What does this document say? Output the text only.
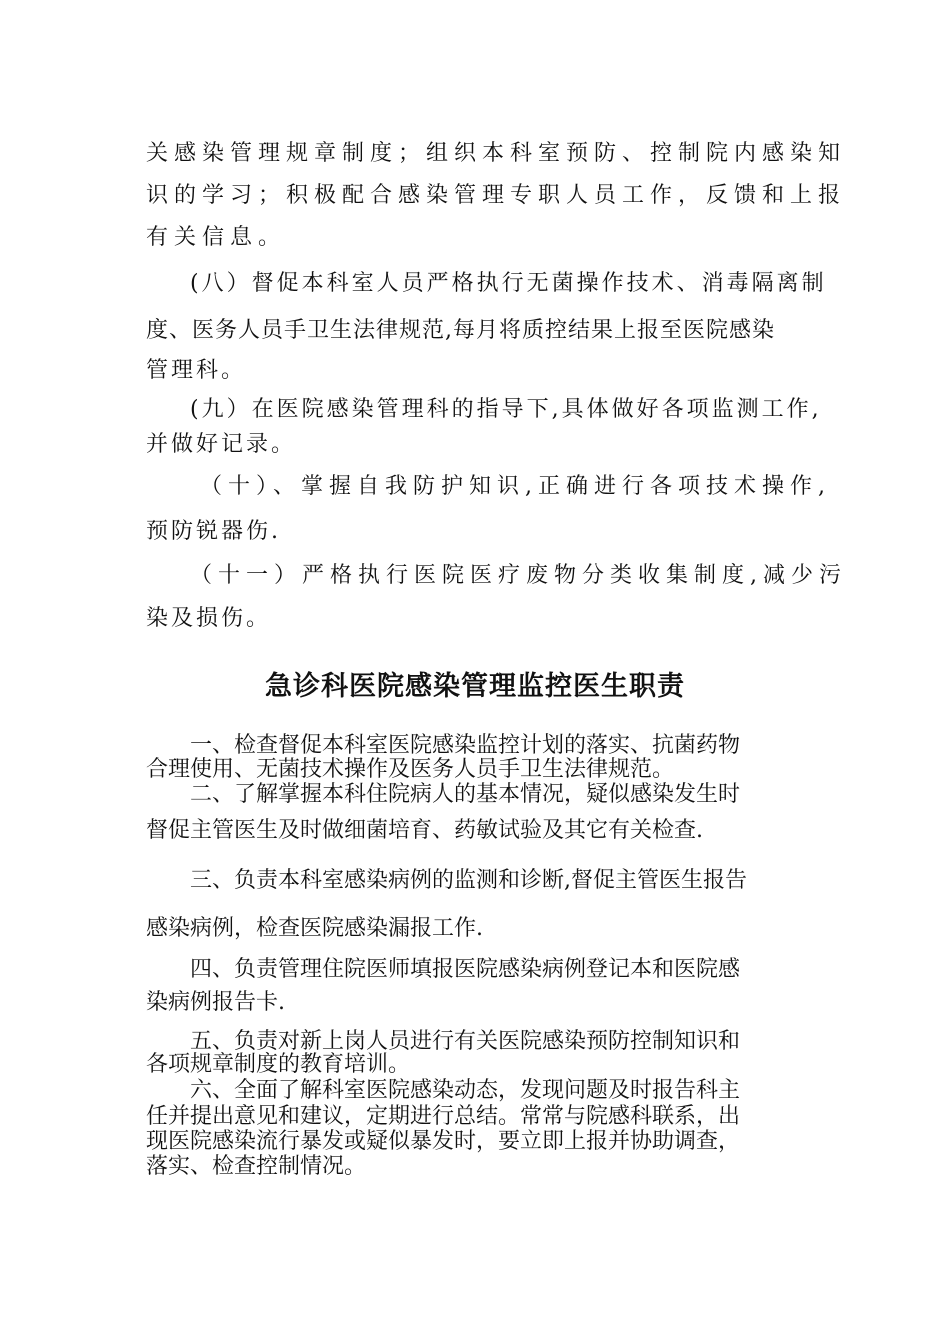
关感染管理规章制度；组织本科室预防、控制院内感染知
识的学习；积极配合感染管理专职人员工作，反馈和上报
有关信息。
(八）督促本科室人员严格执行无菌操作技术、消毒隔离制
度、医务人员手卫生法律规范,每月将质控结果上报至医院感染
管理科。
(九）在医院感染管理科的指导下,具体做好各项监测工作,
并做好记录。
（十）、掌握自我防护知识,正确进行各项技术操作,
预防锐器伤.
（十一）严格执行医院医疗废物分类收集制度,减少污
染及损伤。
急诊科医院感染管理监控医生职责
一、检查督促本科室医院感染监控计划的落实、抗菌药物
合理使用、无菌技术操作及医务人员手卫生法律规范。
二、了解掌握本科住院病人的基本情况，疑似感染发生时
督促主管医生及时做细菌培育、药敏试验及其它有关检查.
三、负责本科室感染病例的监测和诊断,督促主管医生报告
感染病例，检查医院感染漏报工作.
四、负责管理住院医师填报医院感染病例登记本和医院感
染病例报告卡.
五、负责对新上岗人员进行有关医院感染预防控制知识和
各项规章制度的教育培训。
六、全面了解科室医院感染动态，发现问题及时报告科主
任并提出意见和建议，定期进行总结。常常与院感科联系，出
现医院感染流行暴发或疑似暴发时，要立即上报并协助调查，
落实、检查控制情况。
